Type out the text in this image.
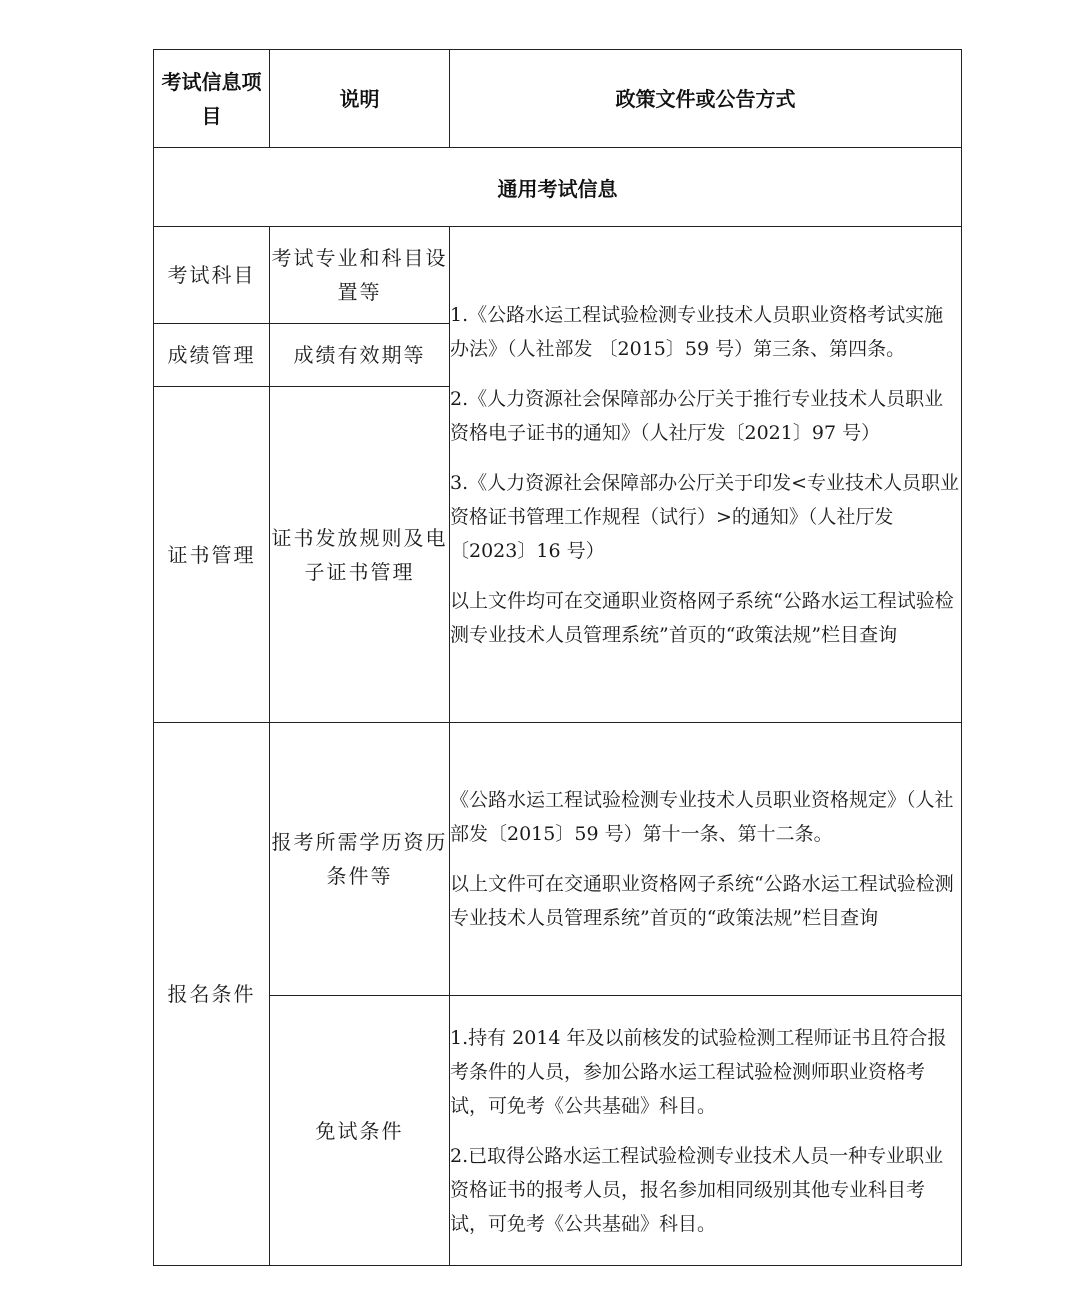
考试信息项目	说明	政策文件或公告方式
通用考试信息		
考试科目	考试专业和科目设置等	1.《公路水运工程试验检测专业技术人员职业资格考试实施办法》（人社部发 〔2015〕59 号）第三条、第四条。

2.《人力资源社会保障部办公厅关于推行专业技术人员职业资格电子证书的通知》（人社厅发〔2021〕97 号）

3.《人力资源社会保障部办公厅关于印发<专业技术人员职业资格证书管理工作规程（试行）>的通知》（人社厅发〔2023〕16 号）

以上文件均可在交通职业资格网子系统“公路水运工程试验检测专业技术人员管理系统”首页的“政策法规”栏目查询

成绩管理	成绩有效期等	
证书管理	证书发放规则及电子证书管理	
报名条件	报考所需学历资历条件等	《公路水运工程试验检测专业技术人员职业资格规定》（人社部发〔2015〕59 号）第十一条、第十二条。

以上文件可在交通职业资格网子系统“公路水运工程试验检测专业技术人员管理系统”首页的“政策法规”栏目查询

	免试条件	1.持有 2014 年及以前核发的试验检测工程师证书且符合报考条件的人员，参加公路水运工程试验检测师职业资格考试，可免考《公共基础》科目。

2.已取得公路水运工程试验检测专业技术人员一种专业职业资格证书的报考人员，报名参加相同级别其他专业科目考试，可免考《公共基础》科目。
